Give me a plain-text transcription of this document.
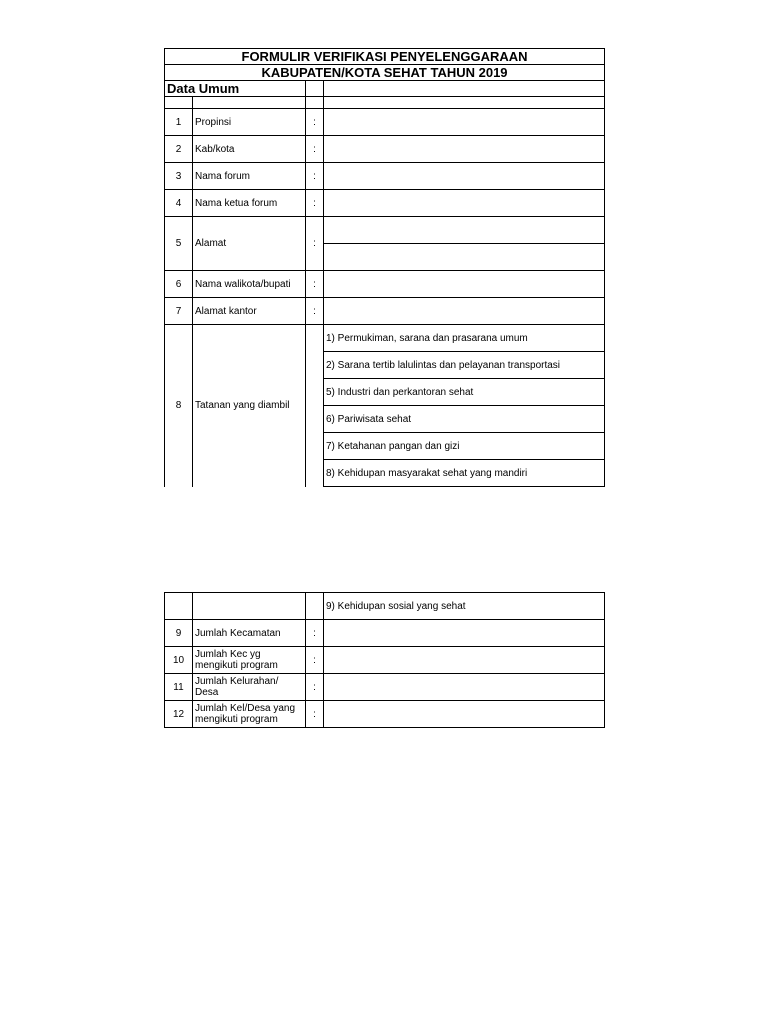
FORMULIR VERIFIKASI PENYELENGGARAAN			
KABUPATEN/KOTA SEHAT TAHUN 2019			
Data Umum			

1	Propinsi	:	
2	Kab/kota	:	
3	Nama forum	:	
4	Nama ketua forum	:	
5	Alamat	:	

6	Nama walikota/bupati	:	
7	Alamat kantor	:	
8	Tatanan yang diambil		1) Permukiman, sarana dan prasarana umum
			2) Sarana tertib lalulintas dan pelayanan transportasi
			5) Industri dan perkantoran sehat
			6) Pariwisata sehat
			7) Ketahanan pangan dan gizi
			8) Kehidupan masyarakat sehat yang mandiri
			9) Kehidupan sosial yang sehat
9	Jumlah Kecamatan	:	
10	Jumlah Kec yg
mengikuti program	:	
11	Jumlah Kelurahan/
Desa	:	
12	Jumlah Kel/Desa yang
mengikuti program	:	
